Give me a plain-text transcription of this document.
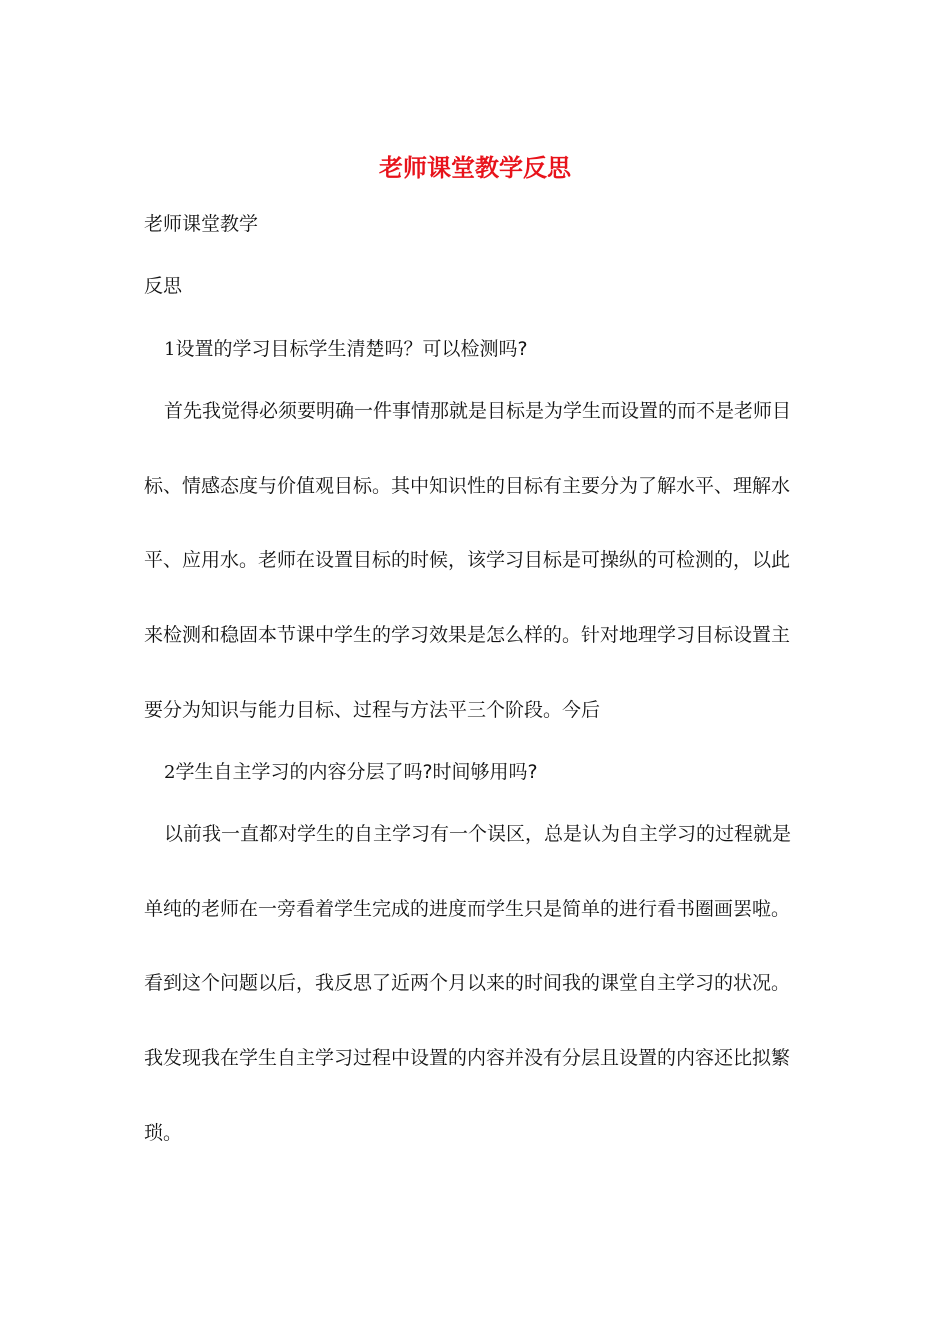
老师课堂教学反思
老师课堂教学
反思
1设置的学习目标学生清楚吗？可以检测吗?
首先我觉得必须要明确一件事情那就是目标是为学生而设置的而不是老师目
标、情感态度与价值观目标。其中知识性的目标有主要分为了解水平、理解水
平、应用水。老师在设置目标的时候，该学习目标是可操纵的可检测的，以此
来检测和稳固本节课中学生的学习效果是怎么样的。针对地理学习目标设置主
要分为知识与能力目标、过程与方法平三个阶段。今后
2学生自主学习的内容分层了吗?时间够用吗?
以前我一直都对学生的自主学习有一个误区，总是认为自主学习的过程就是
单纯的老师在一旁看着学生完成的进度而学生只是简单的进行看书圈画罢啦。
看到这个问题以后，我反思了近两个月以来的时间我的课堂自主学习的状况。
我发现我在学生自主学习过程中设置的内容并没有分层且设置的内容还比拟繁
琐。
